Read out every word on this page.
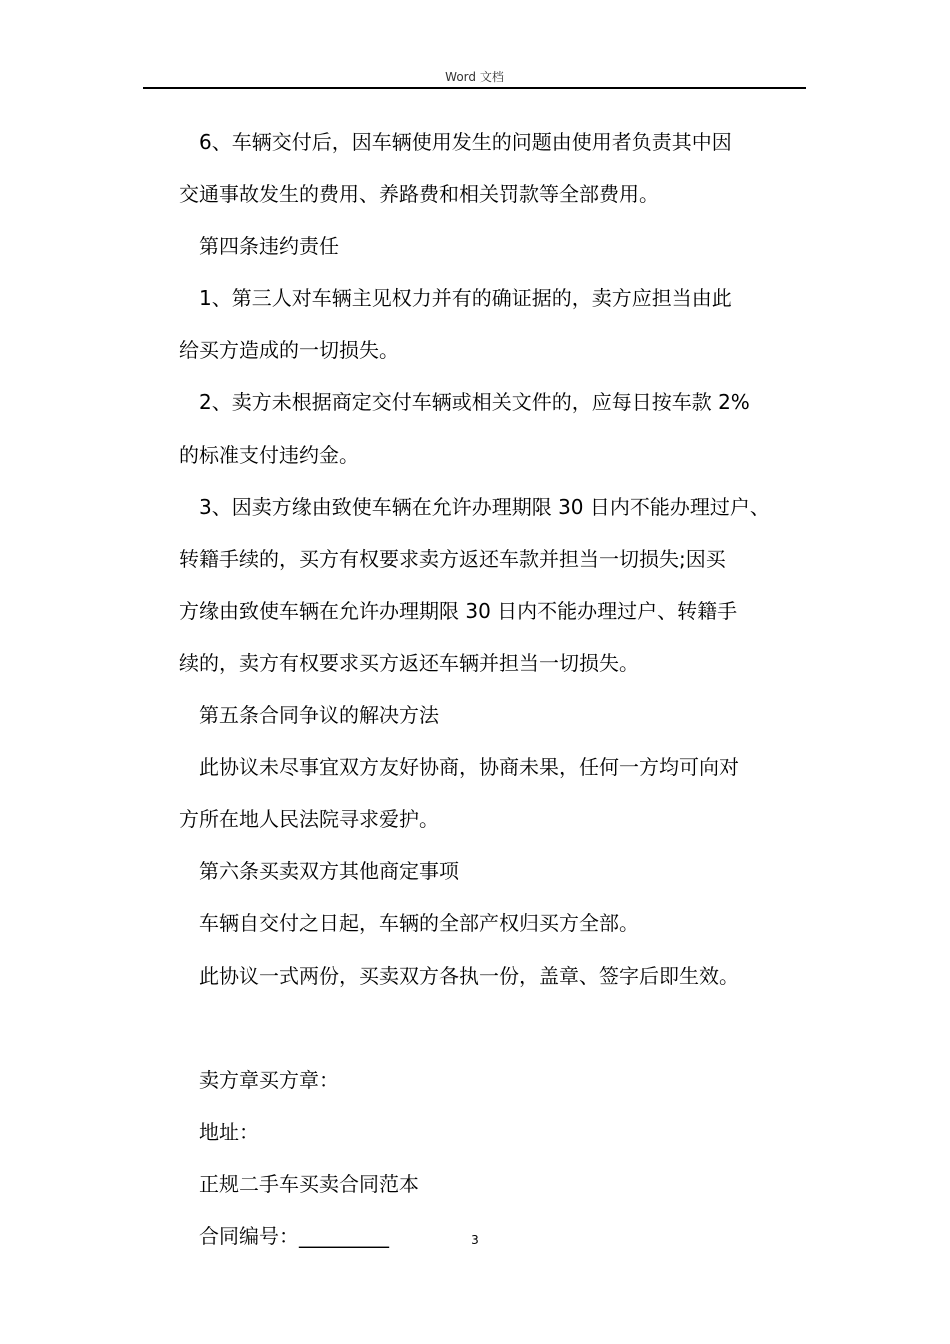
Word 文档
6、车辆交付后，因车辆使用发生的问题由使用者负责其中因
交通事故发生的费用、养路费和相关罚款等全部费用。
第四条违约责任
1、第三人对车辆主见权力并有的确证据的，卖方应担当由此
给买方造成的一切损失。
2、卖方未根据商定交付车辆或相关文件的，应每日按车款 2%
的标准支付违约金。
3、因卖方缘由致使车辆在允许办理期限 30 日内不能办理过户、
转籍手续的，买方有权要求卖方返还车款并担当一切损失;因买
方缘由致使车辆在允许办理期限 30 日内不能办理过户、转籍手
续的，卖方有权要求买方返还车辆并担当一切损失。
第五条合同争议的解决方法
此协议未尽事宜双方友好协商，协商未果，任何一方均可向对
方所在地人民法院寻求爱护。
第六条买卖双方其他商定事项
车辆自交付之日起，车辆的全部产权归买方全部。
此协议一式两份，买卖双方各执一份，盖章、签字后即生效。
卖方章买方章：
地址：
正规二手车买卖合同范本
合同编号：_________	3
